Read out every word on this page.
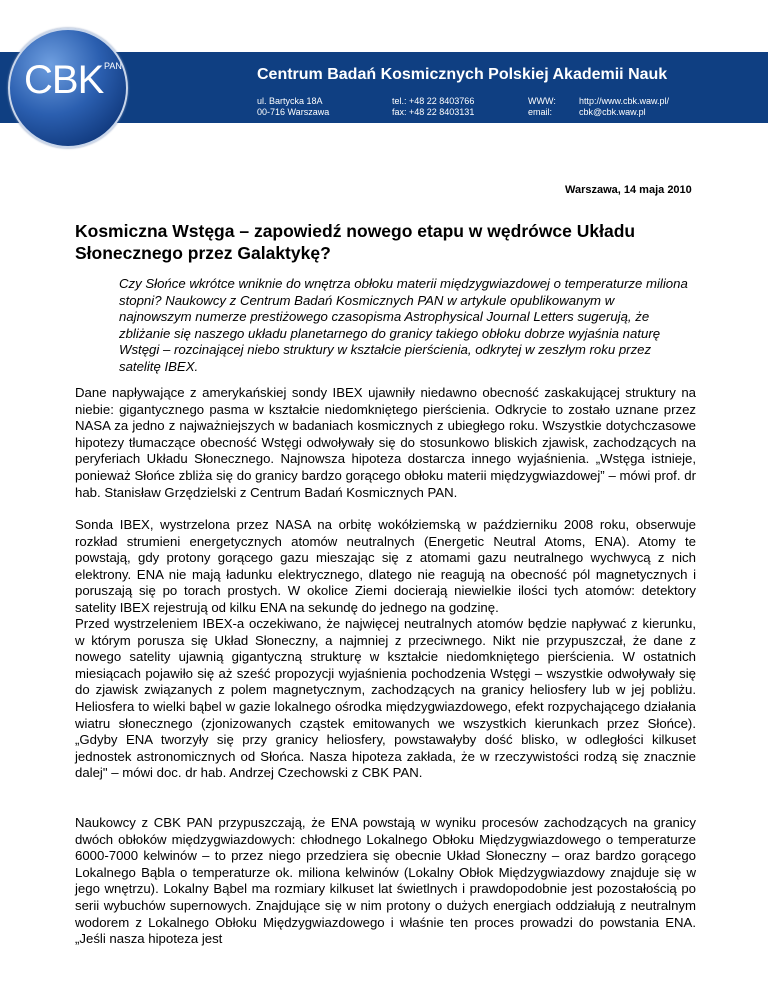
CBK PAN	Centrum Badań Kosmicznych Polskiej Akademii Nauk
ul. Bartycka 18A
00-716 Warszawa
tel.: +48 22 8403766
fax: +48 22 8403131
WWW:
email:
http://www.cbk.waw.pl/
cbk@cbk.waw.pl
Warszawa, 14 maja 2010
Kosmiczna Wstęga – zapowiedź nowego etapu w wędrówce Układu Słonecznego przez Galaktykę?

Czy Słońce wkrótce wniknie do wnętrza obłoku materii międzygwiazdowej o temperaturze miliona stopni? Naukowcy z Centrum Badań Kosmicznych PAN w artykule opublikowanym w najnowszym numerze prestiżowego czasopisma Astrophysical Journal Letters sugerują, że zbliżanie się naszego układu planetarnego do granicy takiego obłoku dobrze wyjaśnia naturę Wstęgi – rozcinającej niebo struktury w kształcie pierścienia, odkrytej w zeszłym roku przez satelitę IBEX.

Dane napływające z amerykańskiej sondy IBEX ujawniły niedawno obecność zaskakującej struktury na niebie: gigantycznego pasma w kształcie niedomkniętego pierścienia. Odkrycie to zostało uznane przez NASA za jedno z najważniejszych w badaniach kosmicznych z ubiegłego roku. Wszystkie dotychczasowe hipotezy tłumaczące obecność Wstęgi odwoływały się do stosunkowo bliskich zjawisk, zachodzących na peryferiach Układu Słonecznego. Najnowsza hipoteza dostarcza innego wyjaśnienia. „Wstęga istnieje, ponieważ Słońce zbliża się do granicy bardzo gorącego obłoku materii międzygwiazdowej” – mówi prof. dr hab. Stanisław Grzędzielski z Centrum Badań Kosmicznych PAN.

Sonda IBEX, wystrzelona przez NASA na orbitę wokółziemską w październiku 2008 roku, obserwuje rozkład strumieni energetycznych atomów neutralnych (Energetic Neutral Atoms, ENA). Atomy te powstają, gdy protony gorącego gazu mieszając się z atomami gazu neutralnego wychwycą z nich elektrony. ENA nie mają ładunku elektrycznego, dlatego nie reagują na obecność pól magnetycznych i poruszają się po torach prostych. W okolice Ziemi docierają niewielkie ilości tych atomów: detektory satelity IBEX rejestrują od kilku ENA na sekundę do jednego na godzinę.

Przed wystrzeleniem IBEX-a oczekiwano, że najwięcej neutralnych atomów będzie napływać z kierunku, w którym porusza się Układ Słoneczny, a najmniej z przeciwnego. Nikt nie przypuszczał, że dane z nowego satelity ujawnią gigantyczną strukturę w kształcie niedomkniętego pierścienia. W ostatnich miesiącach pojawiło się aż sześć propozycji wyjaśnienia pochodzenia Wstęgi – wszystkie odwoływały się do zjawisk związanych z polem magnetycznym, zachodzących na granicy heliosfery lub w jej pobliżu. Heliosfera to wielki bąbel w gazie lokalnego ośrodka międzygwiazdowego, efekt rozpychającego działania wiatru słonecznego (zjonizowanych cząstek emitowanych we wszystkich kierunkach przez Słońce). „Gdyby ENA tworzyły się przy granicy heliosfery, powstawałyby dość blisko, w odległości kilkuset jednostek astronomicznych od Słońca. Nasza hipoteza zakłada, że w rzeczywistości rodzą się znacznie dalej" – mówi doc. dr hab. Andrzej Czechowski z CBK PAN.

Naukowcy z CBK PAN przypuszczają, że ENA powstają w wyniku procesów zachodzących na granicy dwóch obłoków międzygwiazdowych: chłodnego Lokalnego Obłoku Międzygwiazdowego o temperaturze 6000-7000 kelwinów – to przez niego przedziera się obecnie Układ Słoneczny – oraz bardzo gorącego Lokalnego Bąbla o temperaturze ok. miliona kelwinów (Lokalny Obłok Międzygwiazdowy znajduje się w jego wnętrzu). Lokalny Bąbel ma rozmiary kilkuset lat świetlnych i prawdopodobnie jest pozostałością po serii wybuchów supernowych. Znajdujące się w nim protony o dużych energiach oddziałują z neutralnym wodorem z Lokalnego Obłoku Międzygwiazdowego i właśnie ten proces prowadzi do powstania ENA. „Jeśli nasza hipoteza jest
